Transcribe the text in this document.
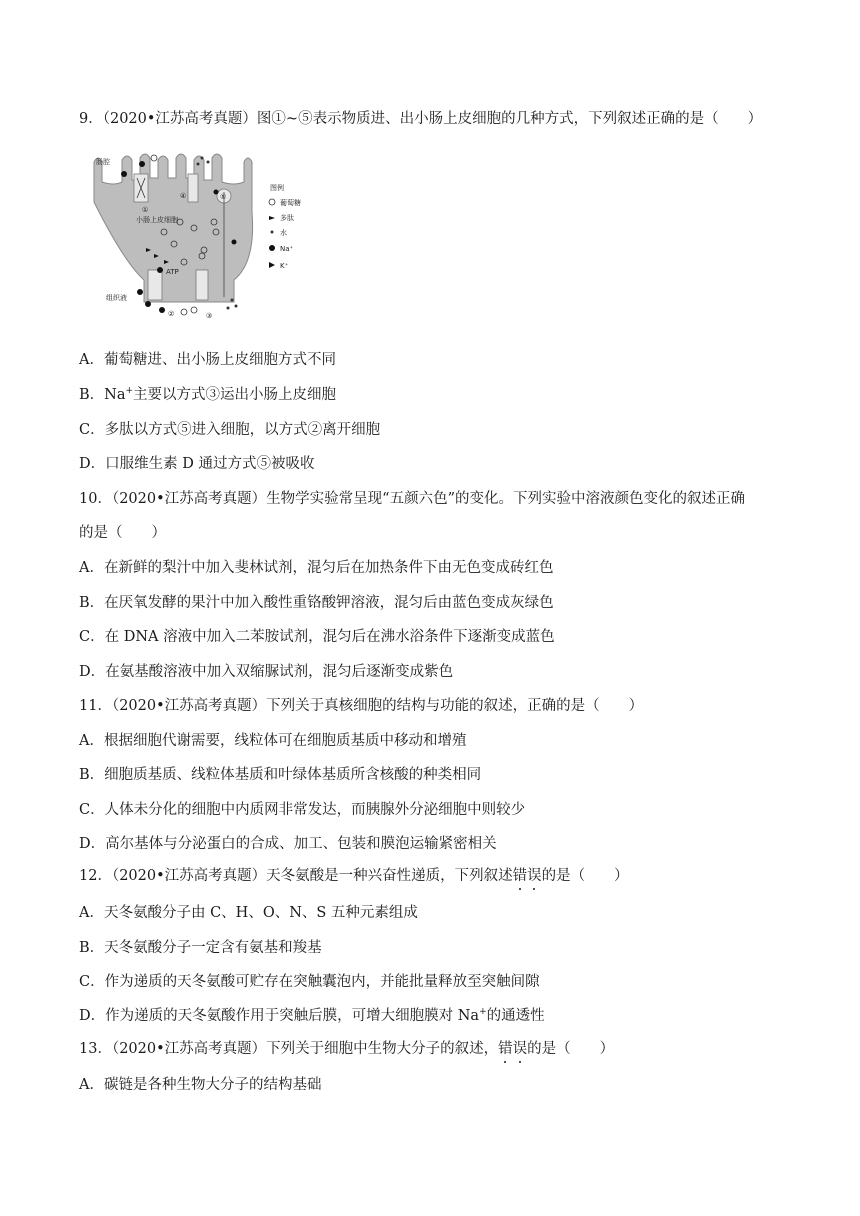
9．（2020•江苏高考真题）图①~⑤表示物质进、出小肠上皮细胞的几种方式，下列叙述正确的是（　　）
肠腔
小肠上皮细胞
组织液
ATP
①
②	③
④	⑤
图例
葡萄糖
多肽
水
Na⁺
K⁺
A．葡萄糖进、出小肠上皮细胞方式不同
B．Na+主要以方式③运出小肠上皮细胞
C．多肽以方式⑤进入细胞，以方式②离开细胞
D．口服维生素 D 通过方式⑤被吸收
10．（2020•江苏高考真题）生物学实验常呈现“五颜六色”的变化。下列实验中溶液颜色变化的叙述正确
的是（　　）
A．在新鲜的梨汁中加入斐林试剂，混匀后在加热条件下由无色变成砖红色
B．在厌氧发酵的果汁中加入酸性重铬酸钾溶液，混匀后由蓝色变成灰绿色
C．在 DNA 溶液中加入二苯胺试剂，混匀后在沸水浴条件下逐渐变成蓝色
D．在氨基酸溶液中加入双缩脲试剂，混匀后逐渐变成紫色
11．（2020•江苏高考真题）下列关于真核细胞的结构与功能的叙述，正确的是（　　）
A．根据细胞代谢需要，线粒体可在细胞质基质中移动和增殖
B．细胞质基质、线粒体基质和叶绿体基质所含核酸的种类相同
C．人体未分化的细胞中内质网非常发达，而胰腺外分泌细胞中则较少
D．高尔基体与分泌蛋白的合成、加工、包装和膜泡运输紧密相关
12．（2020•江苏高考真题）天冬氨酸是一种兴奋性递质，下列叙述错误的是（　　）
A．天冬氨酸分子由 C、H、O、N、S 五种元素组成
B．天冬氨酸分子一定含有氨基和羧基
C．作为递质的天冬氨酸可贮存在突触囊泡内，并能批量释放至突触间隙
D．作为递质的天冬氨酸作用于突触后膜，可增大细胞膜对 Na+的通透性
13．（2020•江苏高考真题）下列关于细胞中生物大分子的叙述，错误的是（　　）
A．碳链是各种生物大分子的结构基础
